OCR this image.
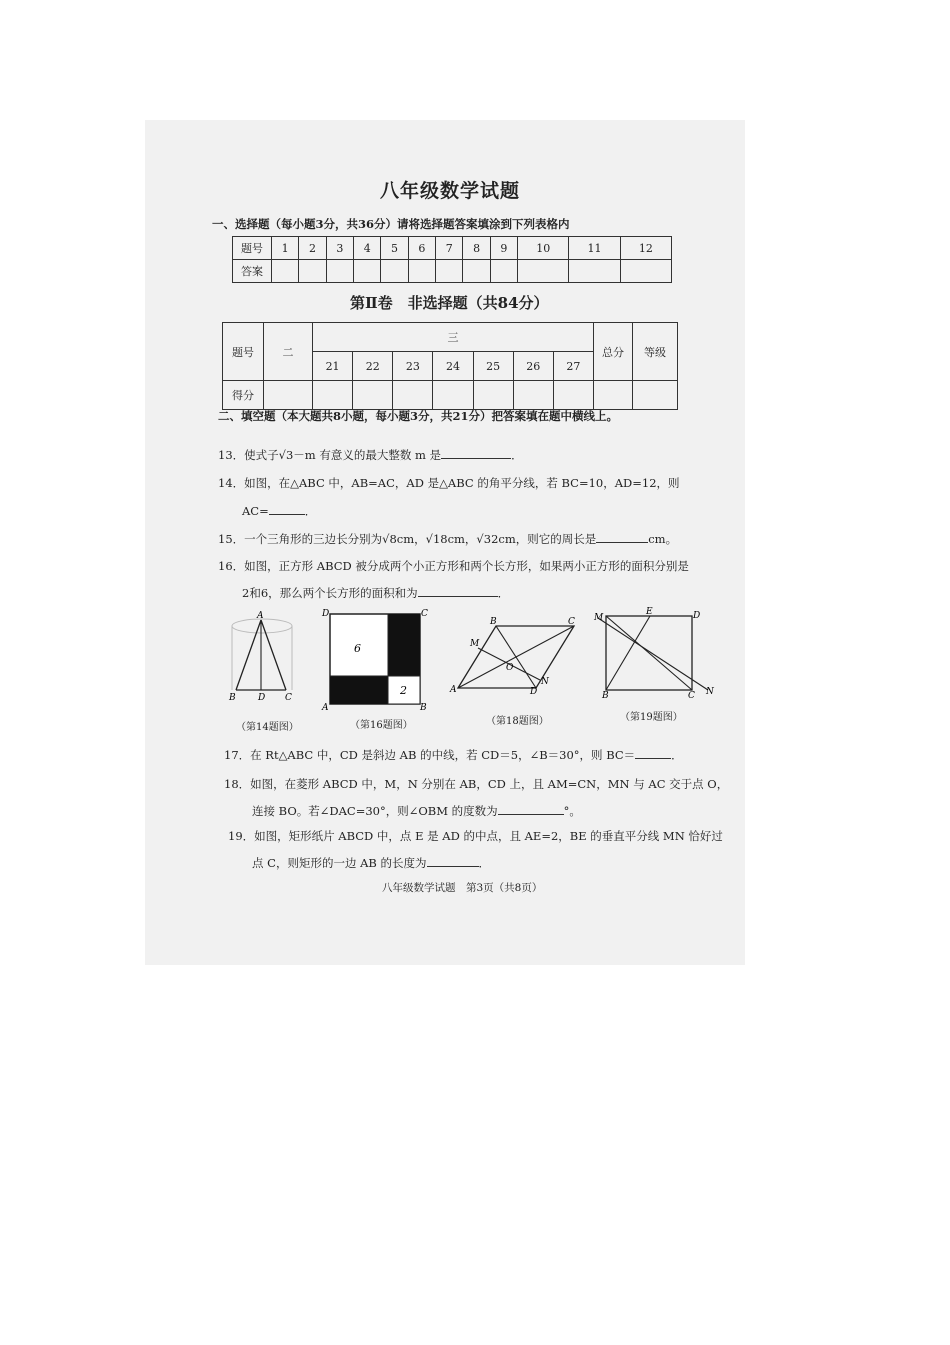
八年级数学试题
一、选择题（每小题3分，共36分）请将选择题答案填涂到下列表格内
题号	1	2	3	4	5	6	7	8	9	10	11	12
答案												
第Ⅱ卷　非选择题（共84分）
题号	二	三							总分	等级
		21	22	23	24	25	26	27		
得分										
二、填空题（本大题共8小题，每小题3分，共21分）把答案填在题中横线上。
13．使式子√3－m 有意义的最大整数 m 是	．
14．如图，在△ABC 中，AB=AC，AD 是△ABC 的角平分线，若 BC=10，AD=12，则
AC=	．
15．一个三角形的三边长分别为√8cm，√18cm，√32cm，则它的周长是	cm。
16．如图，正方形 ABCD 被分成两个小正方形和两个长方形，如果两小正方形的面积分别是
2和6，那么两个长方形的面积和为	．
A
B D C
6
2
D	C
A	B
A
B	C
D
M
N
O
M
E	D
B	C N
（第14题图）	（第16题图）	（第18题图）	（第19题图）
17．在 Rt△ABC 中，CD 是斜边 AB 的中线，若 CD＝5，∠B＝30°，则 BC＝	．
18．如图，在菱形 ABCD 中，M，N 分别在 AB，CD 上，且 AM=CN，MN 与 AC 交于点 O，
连接 BO。若∠DAC=30°，则∠OBM 的度数为	°。
19．如图，矩形纸片 ABCD 中，点 E 是 AD 的中点，且 AE=2，BE 的垂直平分线 MN 恰好过
点 C，则矩形的一边 AB 的长度为	．
八年级数学试题　第3页（共8页）
